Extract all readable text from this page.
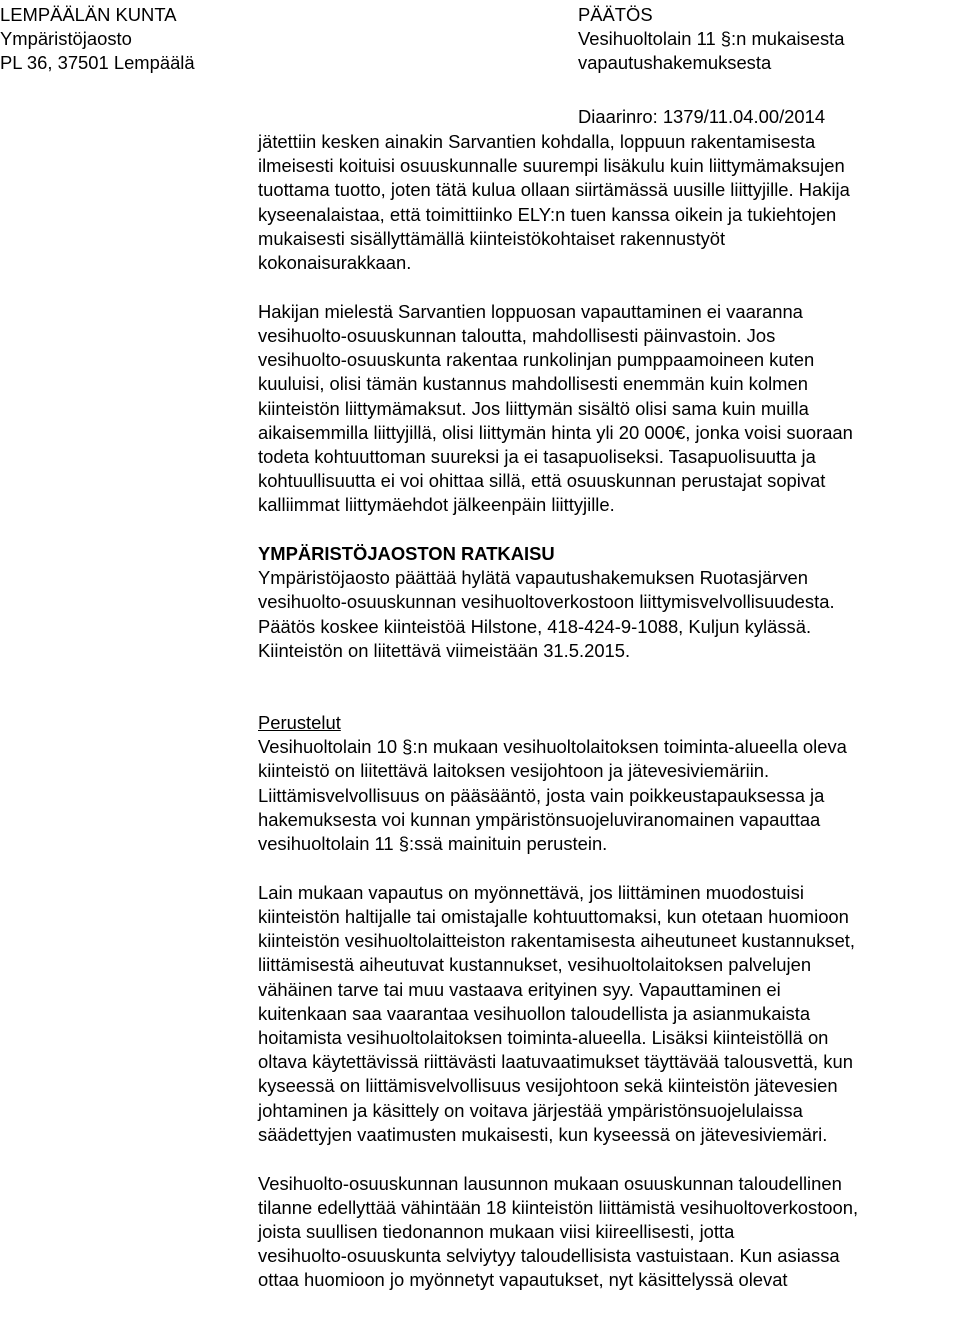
LEMPÄÄLÄN KUNTA
Ympäristöjaosto
PL 36, 37501 Lempäälä
PÄÄTÖS
Vesihuoltolain 11 §:n mukaisesta
vapautushakemuksesta
Diaarinro: 1379/11.04.00/2014

jätettiin kesken ainakin Sarvantien kohdalla, loppuun rakentamisesta
ilmeisesti koituisi osuuskunnalle suurempi lisäkulu kuin liittymämaksujen
tuottama tuotto, joten tätä kulua ollaan siirtämässä uusille liittyjille. Hakija
kyseenalaistaa, että toimittiinko ELY:n tuen kanssa oikein ja tukiehtojen
mukaisesti sisällyttämällä kiinteistökohtaiset rakennustyöt
kokonaisurakkaan.

Hakijan mielestä Sarvantien loppuosan vapauttaminen ei vaaranna
vesihuolto-osuuskunnan taloutta, mahdollisesti päinvastoin. Jos
vesihuolto-osuuskunta rakentaa runkolinjan pumppaamoineen kuten
kuuluisi, olisi tämän kustannus mahdollisesti enemmän kuin kolmen
kiinteistön liittymämaksut. Jos liittymän sisältö olisi sama kuin muilla
aikaisemmilla liittyjillä, olisi liittymän hinta yli 20 000€, jonka voisi suoraan
todeta kohtuuttoman suureksi ja ei tasapuoliseksi. Tasapuolisuutta ja
kohtuullisuutta ei voi ohittaa sillä, että osuuskunnan perustajat sopivat
kalliimmat liittymäehdot jälkeenpäin liittyjille.

YMPÄRISTÖJAOSTON RATKAISU
Ympäristöjaosto päättää hylätä vapautushakemuksen Ruotasjärven
vesihuolto-osuuskunnan vesihuoltoverkostoon liittymisvelvollisuudesta.
Päätös koskee kiinteistöä Hilstone, 418-424-9-1088, Kuljun kylässä.
Kiinteistön on liitettävä viimeistään 31.5.2015.

Perustelut
Vesihuoltolain 10 §:n mukaan vesihuoltolaitoksen toiminta-alueella oleva
kiinteistö on liitettävä laitoksen vesijohtoon ja jätevesiviemäriin.
Liittämisvelvollisuus on pääsääntö, josta vain poikkeustapauksessa ja
hakemuksesta voi kunnan ympäristönsuojeluviranomainen vapauttaa
vesihuoltolain 11 §:ssä mainituin perustein.

Lain mukaan vapautus on myönnettävä, jos liittäminen muodostuisi
kiinteistön haltijalle tai omistajalle kohtuuttomaksi, kun otetaan huomioon
kiinteistön vesihuoltolaitteiston rakentamisesta aiheutuneet kustannukset,
liittämisestä aiheutuvat kustannukset, vesihuoltolaitoksen palvelujen
vähäinen tarve tai muu vastaava erityinen syy. Vapauttaminen ei
kuitenkaan saa vaarantaa vesihuollon taloudellista ja asianmukaista
hoitamista vesihuoltolaitoksen toiminta-alueella. Lisäksi kiinteistöllä on
oltava käytettävissä riittävästi laatuvaatimukset täyttävää talousvettä, kun
kyseessä on liittämisvelvollisuus vesijohtoon sekä kiinteistön jätevesien
johtaminen ja käsittely on voitava järjestää ympäristönsuojelulaissa
säädettyjen vaatimusten mukaisesti, kun kyseessä on jätevesiviemäri.

Vesihuolto-osuuskunnan lausunnon mukaan osuuskunnan taloudellinen
tilanne edellyttää vähintään 18 kiinteistön liittämistä vesihuoltoverkostoon,
joista suullisen tiedonannon mukaan viisi kiireellisesti, jotta
vesihuolto-osuuskunta selviytyy taloudellisista vastuistaan. Kun asiassa
ottaa huomioon jo myönnetyt vapautukset, nyt käsittelyssä olevat
